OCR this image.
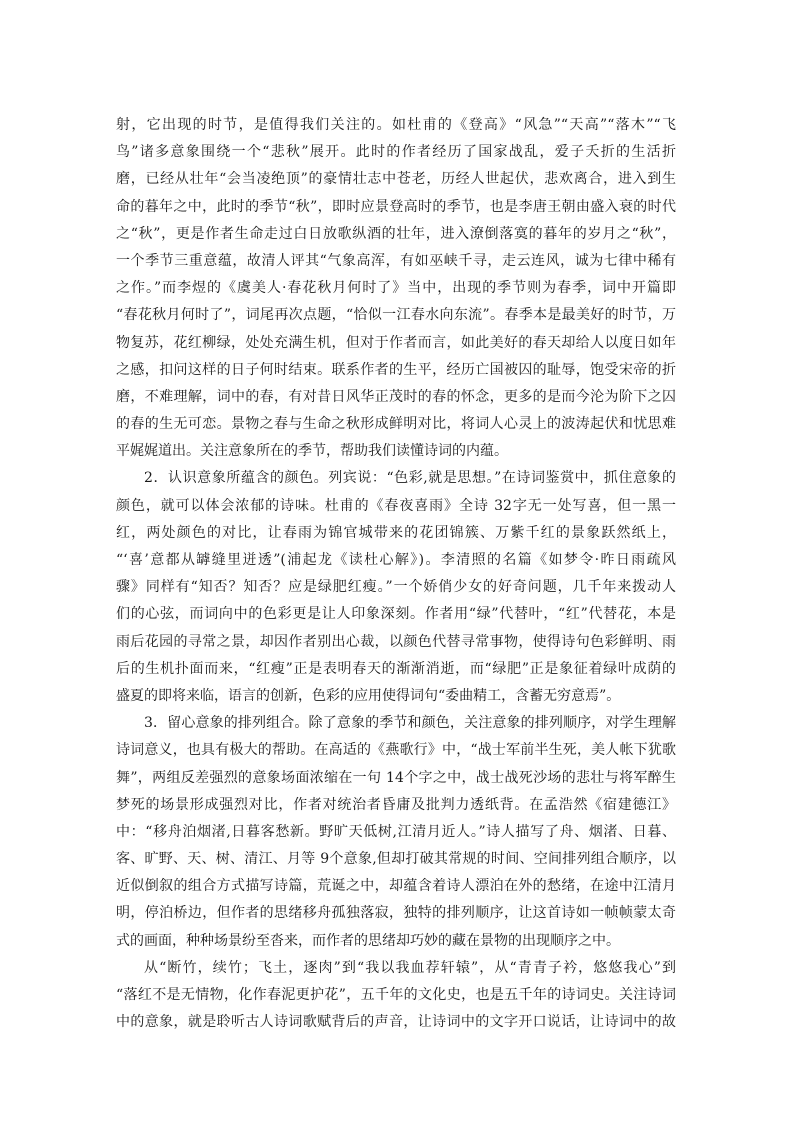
射，它出现的时节，是值得我们关注的。如杜甫的《登高》“风急”“天高”“落木”“飞
鸟”诸多意象围绕一个“悲秋”展开。此时的作者经历了国家战乱，爱子夭折的生活折
磨，已经从壮年“会当凌绝顶”的豪情壮志中苍老，历经人世起伏，悲欢离合，进入到生
命的暮年之中，此时的季节“秋”，即时应景登高时的季节，也是李唐王朝由盛入衰的时代
之“秋”，更是作者生命走过白日放歌纵酒的壮年，进入潦倒落寞的暮年的岁月之“秋”，
一个季节三重意蕴，故清人评其“气象高浑，有如巫峡千寻，走云连风，诚为七律中稀有
之作。”而李煜的《虞美人·春花秋月何时了》当中，出现的季节则为春季，词中开篇即
“春花秋月何时了”，词尾再次点题，“恰似一江春水向东流”。春季本是最美好的时节，万
物复苏，花红柳绿，处处充满生机，但对于作者而言，如此美好的春天却给人以度日如年
之感，扣问这样的日子何时结束。联系作者的生平，经历亡国被囚的耻辱，饱受宋帝的折
磨，不难理解，词中的春，有对昔日风华正茂时的春的怀念，更多的是而今沦为阶下之囚
的春的生无可恋。景物之春与生命之秋形成鲜明对比，将词人心灵上的波涛起伏和忧思难
平娓娓道出。关注意象所在的季节，帮助我们读懂诗词的内蕴。
2．认识意象所蕴含的颜色。列宾说：“色彩,就是思想。”在诗词鉴赏中，抓住意象的
颜色，就可以体会浓郁的诗味。杜甫的《春夜喜雨》全诗 32字无一处写喜，但一黑一
红，两处颜色的对比，让春雨为锦官城带来的花团锦簇、万紫千红的景象跃然纸上，
“‘喜’意都从罅缝里迸透”(浦起龙《读杜心解》)。李清照的名篇《如梦令·昨日雨疏风
骤》同样有“知否？知否？应是绿肥红瘦。”一个娇俏少女的好奇问题，几千年来拨动人
们的心弦，而词向中的色彩更是让人印象深刻。作者用“绿”代替叶，“红”代替花，本是
雨后花园的寻常之景，却因作者别出心裁，以颜色代替寻常事物，使得诗句色彩鲜明、雨
后的生机扑面而来，“红瘦”正是表明春天的渐渐消逝，而“绿肥”正是象征着绿叶成荫的
盛夏的即将来临，语言的创新，色彩的应用使得词句“委曲精工，含蓄无穷意焉”。
3．留心意象的排列组合。除了意象的季节和颜色，关注意象的排列顺序，对学生理解
诗词意义，也具有极大的帮助。在高适的《燕歌行》中，“战士军前半生死，美人帐下犹歌
舞”，两组反差强烈的意象场面浓缩在一句 14个字之中，战士战死沙场的悲壮与将军醉生
梦死的场景形成强烈对比，作者对统治者昏庸及批判力透纸背。在孟浩然《宿建德江》
中：“移舟泊烟渚,日暮客愁新。野旷天低树,江清月近人。”诗人描写了舟、烟渚、日暮、
客、旷野、天、树、清江、月等 9个意象,但却打破其常规的时间、空间排列组合顺序，以
近似倒叙的组合方式描写诗篇，荒诞之中，却蕴含着诗人漂泊在外的愁绪，在途中江清月
明，停泊桥边，但作者的思绪移舟孤独落寂，独特的排列顺序，让这首诗如一帧帧蒙太奇
式的画面，种种场景纷至沓来，而作者的思绪却巧妙的藏在景物的出现顺序之中。
从“断竹，续竹；飞土，逐肉”到“我以我血荐轩辕”，从“青青子衿，悠悠我心”到
“落红不是无情物，化作春泥更护花”，五千年的文化史，也是五千年的诗词史。关注诗词
中的意象，就是聆听古人诗词歌赋背后的声音，让诗词中的文字开口说话，让诗词中的故
